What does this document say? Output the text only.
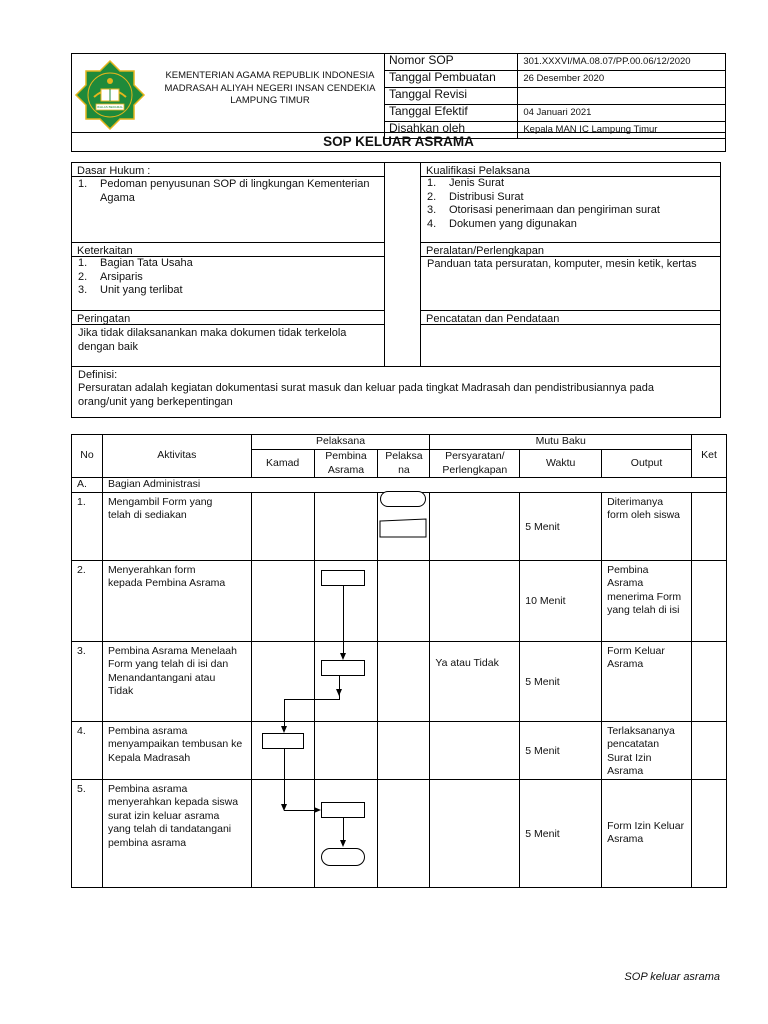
IKHLAS BERAMAL
KEMENTERIAN AGAMA REPUBLIK INDONESIA
MADRASAH ALIYAH NEGERI INSAN CENDEKIA
LAMPUNG TIMUR
Nomor SOP	301.XXXVI/MA.08.07/PP.00.06/12/2020
Tanggal Pembuatan	26 Desember 2020
Tanggal Revisi	
Tanggal Efektif	04 Januari 2021
Disahkan oleh	Kepala MAN IC Lampung Timur
SOP KELUAR ASRAMA
Dasar Hukum :
1. Pedoman penyusunan SOP di lingkungan Kementerian Agama
Keterkaitan
1. Bagian Tata Usaha
2. Arsiparis
3. Unit yang terlibat
Peringatan
Jika tidak dilaksanankan maka dokumen tidak terkelola dengan baik
Kualifikasi Pelaksana
1. Jenis Surat
2. Distribusi Surat
3. Otorisasi penerimaan dan pengiriman surat
4. Dokumen yang digunakan
Peralatan/Perlengkapan
Panduan tata persuratan, komputer, mesin ketik, kertas
Pencatatan dan Pendataan
Definisi:
Persuratan adalah kegiatan dokumentasi surat masuk dan keluar pada tingkat Madrasah dan pendistribusiannya pada orang/unit yang berkepentingan
No	Aktivitas	Pelaksana			Mutu Baku			Ket
		Kamad	Pembina Asrama	Pelaksa na	Persyaratan/ Perlengkapan	Waktu	Output	
A.	Bagian Administrasi							
1.	Mengambil Form yang telah di sediakan					5 Menit	Diterimanya form oleh siswa	
2.	Menyerahkan form kepada Pembina Asrama					10 Menit	Pembina Asrama menerima Form yang telah di isi	
3.	Pembina Asrama Menelaah Form yang telah di isi dan Menandantangani atau Tidak				Ya atau Tidak	5 Menit	Form Keluar Asrama	
4.	Pembina asrama menyampaikan tembusan ke Kepala Madrasah					5 Menit	Terlaksananya pencatatan Surat Izin Asrama	
5.	Pembina asrama menyerahkan kepada siswa surat izin keluar asrama yang telah di tandatangani pembina asrama					5 Menit	Form Izin Keluar Asrama	
SOP keluar asrama
